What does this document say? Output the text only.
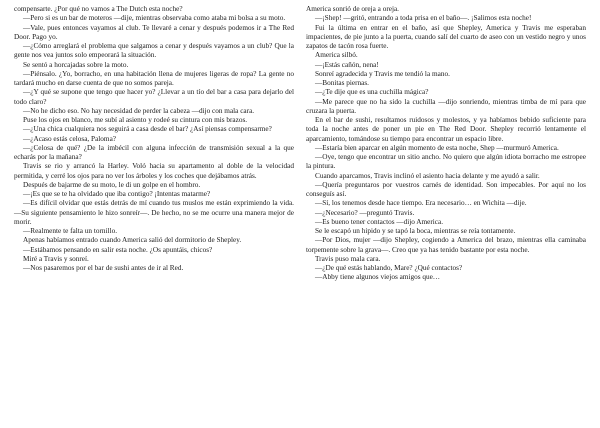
compensarte. ¿Por qué no vamos a The Dutch esta noche?

—Pero si es un bar de moteros —dije, mientras observaba como ataba mi bolsa a su moto.

—Vale, pues entonces vayamos al club. Te llevaré a cenar y después podemos ir a The Red Door. Pago yo.

—¿Cómo arreglará el problema que salgamos a cenar y después vayamos a un club? Que la gente nos vea juntos solo empeorará la situación.

Se sentó a horcajadas sobre la moto.

—Piénsalo. ¿Yo, borracho, en una habitación llena de mujeres ligeras de ropa? La gente no tardará mucho en darse cuenta de que no somos pareja.

—¿Y qué se supone que tengo que hacer yo? ¿Llevar a un tío del bar a casa para dejarlo del todo claro?

—No he dicho eso. No hay necesidad de perder la cabeza —dijo con mala cara.

Puse los ojos en blanco, me subí al asiento y rodeé su cintura con mis brazos.

—¿Una chica cualquiera nos seguirá a casa desde el bar? ¿Así piensas compensarme?

—¿Acaso estás celosa, Paloma?

—¿Celosa de qué? ¿De la imbécil con alguna infección de transmisión sexual a la que echarás por la mañana?

Travis se rio y arrancó la Harley. Voló hacia su apartamento al doble de la velocidad permitida, y cerré los ojos para no ver los árboles y los coches que dejábamos atrás.

Después de bajarme de su moto, le di un golpe en el hombro.

—¡Es que se te ha olvidado que iba contigo? ¡Intentas matarme?

—Es difícil olvidar que estás detrás de mí cuando tus muslos me están exprimiendo la vida. —Su siguiente pensamiento le hizo sonreír—. De hecho, no se me ocurre una manera mejor de morir.

—Realmente te falta un tornillo.

Apenas habíamos entrado cuando America salió del dormitorio de Shepley.

—Estábamos pensando en salir esta noche. ¿Os apuntáis, chicos?

Miré a Travis y sonreí.

—Nos pasaremos por el bar de sushi antes de ir al Red.

America sonrió de oreja a oreja.

—¡Shep! —gritó, entrando a toda prisa en el baño—. ¡Salimos esta noche!

Fui la última en entrar en el baño, así que Shepley, America y Travis me esperaban impacientes, de pie junto a la puerta, cuando salí del cuarto de aseo con un vestido negro y unos zapatos de tacón rosa fuerte.

America silbó.

—¡Estás cañón, nena!

Sonreí agradecida y Travis me tendió la mano.

—Bonitas piernas.

—¿Te dije que es una cuchilla mágica?

—Me parece que no ha sido la cuchilla —dijo sonriendo, mientras timba de mí para que cruzara la puerta.

En el bar de sushi, resultamos ruidosos y molestos, y ya habíamos bebido suficiente para toda la noche antes de poner un pie en The Red Door. Shepley recorrió lentamente el aparcamiento, tomándose su tiempo para encontrar un espacio libre.

—Estaría bien aparcar en algún momento de esta noche, Shep —murmuró America.

—Oye, tengo que encontrar un sitio ancho. No quiero que algún idiota borracho me estropee la pintura.

Cuando aparcamos, Travis inclinó el asiento hacia delante y me ayudó a salir.

—Quería preguntaros por vuestros carnés de identidad. Son impecables. Por aquí no los conseguís así.

—Sí, los tenemos desde hace tiempo. Era necesario… en Wichita —dije.

—¿Necesario? —preguntó Travis.

—Es bueno tener contactos —dijo America.

Se le escapó un hipido y se tapó la boca, mientras se reía tontamente.

—Por Dios, mujer —dijo Shepley, cogiendo a America del brazo, mientras ella caminaba torpemente sobre la grava—. Creo que ya has tenido bastante por esta noche.

Travis puso mala cara.

—¿De qué estás hablando, Mare? ¿Qué contactos?

—Abby tiene algunos viejos amigos que…
